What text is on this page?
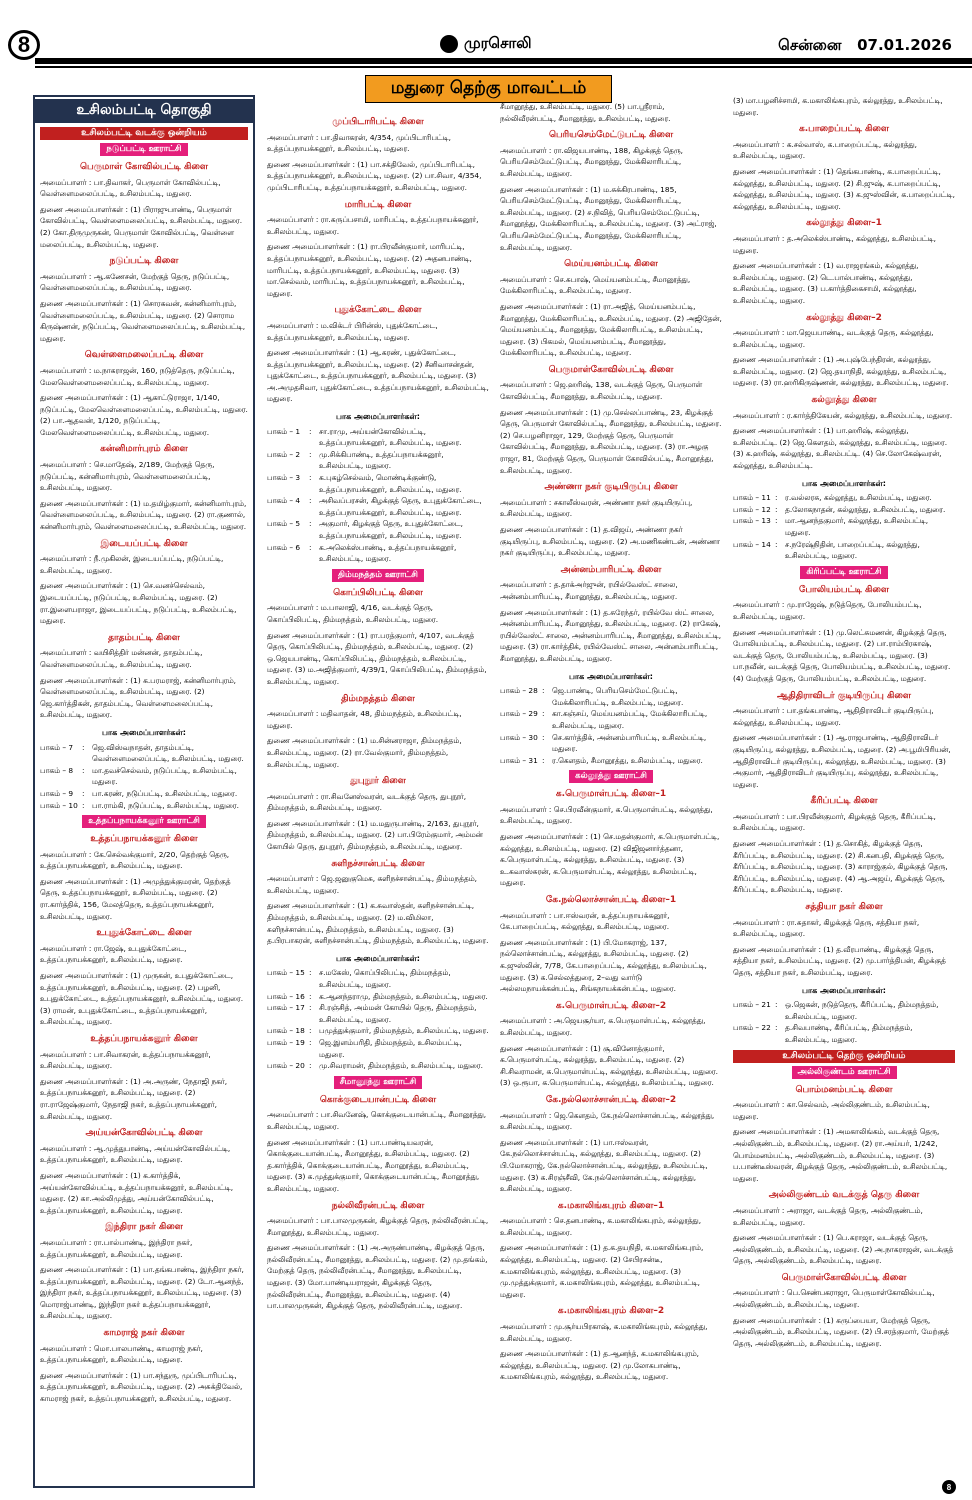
8	முரசொலி	சென்னை 07.01.2026
மதுரை தெற்கு மாவட்டம்
உசிலம்பட்டி தொகுதி
உசிலம்பட்டி வடக்கு ஒன்றியம்
நடுப்பட்டி ஊராட்சி
பெருமாள் கோவில்பட்டி கிளை

அமைப்பாளர் : பா.திவாகர், பெருமாள் கோவில்பட்டி, வெள்ளைமலைப்பட்டி, உசிலம்பட்டி, மதுரை.

துணை அமைப்பாளர்கள் : (1) பிராஜுபாண்டி, பெருமாள் கோவில்பட்டி, வெள்ளைமலைப்பட்டி, உசிலம்பட்டி, மதுரை. (2) கோ.திருமுருகன், பெருமாள் கோவில்பட்டி, வெள்ளை மலைப்பட்டி, உசிலம்பட்டி, மதுரை.

நடுப்பட்டி கிளை

அமைப்பாளர் : ஆ.கணேசன், மேற்குத் தெரு, நடுப்பட்டி, வெள்ளைமலைப்பட்டி, உசிலம்பட்டி, மதுரை.

துணை அமைப்பாளர்கள் : (1) சொரகவன், கன்னிமார்புரம், வெள்ளைமலைப்பட்டி, உசிலம்பட்டி, மதுரை. (2) சொராம கிருஷ்ணன், நடுப்பட்டி, வெள்ளைமலைப்பட்டி, உசிலம்பட்டி, மதுரை.

வெள்ளைமலைப்பட்டி கிளை

அமைப்பாளர் : ம.நாகராஜன், 160, நடுத்தெரு, நடுப்பட்டி, மேலவெள்ளைமலைப்பட்டி, உசிலம்பட்டி, மதுரை.

துணை அமைப்பாளர்கள் : (1) ஆகாட்டுராஜா, 1/140, நடுப்பட்டி, மேலவெள்ளைமலைப்பட்டி, உசிலம்பட்டி, மதுரை. (2) பா.ஆதவன், 1/120, நடுப்பட்டி, மேலவெள்ளைமலைப்பட்டி, உசிலம்பட்டி, மதுரை.

கன்னிமார்புரம் கிளை

அமைப்பாளர் : செ.மாதேஷ், 2/189, மேற்குத் தெரு, நடுப்பட்டி, கன்னிமார்புரம், வெள்ளைமலைப்பட்டி, உசிலம்பட்டி, மதுரை.

துணை அமைப்பாளர்கள் : (1) ம.தமிழ்குமார், கன்னிமார்புரம், வெள்ளைமலைப்பட்டி, உசிலம்பட்டி, மதுரை. (2) ரா.குணால், கன்னிமார்புரம், வெள்ளைமலைப்பட்டி, உசிலம்பட்டி, மதுரை.

இடையப்பட்டி கிளை

அமைப்பாளர் : நீ.முகிலன், இடையப்பட்டி, நடுப்பட்டி, உசிலம்பட்டி, மதுரை.

துணை அமைப்பாளர்கள் : (1) செ.வனச்செல்வம், இடையப்பட்டி, நடுப்பட்டி, உசிலம்பட்டி, மதுரை. (2) ரா.இளையராஜா, இடையப்பட்டி, நடுப்பட்டி, உசிலம்பட்டி, மதுரை.

தாதம்பட்டி கிளை

அமைப்பாளர் : வயிசித்திர் மன்னன், தாதம்பட்டி, வெள்ளைமலைப்பட்டி, உசிலம்பட்டி, மதுரை.

துணை அமைப்பாளர்கள் : (1) க.பரமராஜ், கன்னிமார்புரம், வெள்ளைமலைப்பட்டி, உசிலம்பட்டி, மதுரை. (2) ஜெ.கார்த்திகன், தாதம்பட்டி, வெள்ளைமலைப்பட்டி, உசிலம்பட்டி, மதுரை.

பாக அமைப்பாளர்கள்:
பாகம் – 7	:	ஜெ.விஸ்வநாதன், தாதம்பட்டி, வெள்ளைமலைப்பட்டி, உசிலம்பட்டி, மதுரை.
பாகம் – 8	:	மா.தவச்செல்வம், நடுப்பட்டி, உசிலம்பட்டி, மதுரை.
பாகம் – 9	:	பா.கரண், நடுப்பட்டி, உசிலம்பட்டி, மதுரை.
பாகம் – 10 :	பா.ராம்கி, நடுப்பட்டி, உசிலம்பட்டி, மதுரை.
உத்தப்பநாயக்கனூர் ஊராட்சி
உத்தப்பநாயக்கனூர் கிளை

அமைப்பாளர் : கே.செல்வக்குமார், 2/20, தெற்குத் தெரு, உத்தப்பநாயக்கனூர், உசிலம்பட்டி, மதுரை.

துணை அமைப்பாளர்கள் : (1) அமுத்துக்குமரன், தெற்குத் தெரு, உத்தப்பநாயக்கனூர், உசிலம்பட்டி, மதுரை. (2) ரா.கார்த்திக், 156, மேலத்தெரு, உத்தப்பநாயக்கனூர், உசிலம்பட்டி, மதுரை.

உபுதுக்கோட்டை கிளை

அமைப்பாளர் : ரா.ஜேஷ், உபுதுக்கோட்டை, உத்தப்பநாயக்கனூர், உசிலம்பட்டி, மதுரை.

துணை அமைப்பாளர்கள் : (1) முருகன், உபுதுக்கோட்டை, உத்தப்பநாயக்கனூர், உசிலம்பட்டி, மதுரை. (2) பழனி, உபுதுக்கோட்டை, உத்தப்பநாயக்கனூர், உசிலம்பட்டி, மதுரை. (3) ராமன், உபுதுக்கோட்டை, உத்தப்பநாயக்கனூர், உசிலம்பட்டி, மதுரை.

உத்தப்பநாயக்கனூர் கிளை

அமைப்பாளர் : பா.சிவாகரன், உத்தப்பநாயக்கனூர், உசிலம்பட்டி, மதுரை.

துணை அமைப்பாளர்கள் : (1) அ.அருண், நேதாஜி நகர், உத்தப்பநாயக்கனூர், உசிலம்பட்டி, மதுரை. (2) ரா.ராஜேஷ்குமார், நேதாஜி நகர், உத்தப்பநாயக்கனூர், உசிலம்பட்டி, மதுரை.

அய்யன்கோவில்பட்டி கிளை

அமைப்பாளர் : ஆ.முத்துபாண்டி, அய்யன்கோவில்பட்டி, உத்தப்பநாயக்கனூர், உசிலம்பட்டி, மதுரை.

துணை அமைப்பாளர்கள் : (1) க.கார்த்திக், அய்யன்கோவில்பட்டி, உத்தப்பநாயக்கனூர், உசிலம்பட்டி, மதுரை. (2) கா.அல்லிமுத்து, அய்யன்கோவில்பட்டி, உத்தப்பநாயக்கனூர், உசிலம்பட்டி, மதுரை.

இந்திரா நகர் கிளை

அமைப்பாளர் : ரா.பால்பாண்டி, இந்திரா நகர், உத்தப்பநாயக்கனூர், உசிலம்பட்டி, மதுரை.

துணை அமைப்பாளர்கள் : (1) பா.தங்கபாண்டி, இந்திரா நகர், உத்தப்பநாயக்கனூர், உசிலம்பட்டி, மதுரை. (2) டோ.ஆனந்த், இந்திரா நகர், உத்தப்பநாயக்கனூர், உசிலம்பட்டி, மதுரை. (3) மொராஜ்பாண்டி, இந்திரா நகர் உத்தப்பநாயக்கனூர், உசிலம்பட்டி, மதுரை.

காமராஜ் நகர் கிளை

அமைப்பாளர் : மொ.பாலபாண்டி, காமராஜ் நகர், உத்தப்பநாயக்கனூர், உசிலம்பட்டி, மதுரை.

துணை அமைப்பாளர்கள் : (1) பா.சந்துரு, முப்பிடாரிபட்டி, உத்தப்பநாயக்கனூர், உசிலம்பட்டி, மதுரை. (2) அசுக்திவேல், காமராஜ் நகர், உத்தப்பநாயக்கனூர், உசிலம்பட்டி, மதுரை.

முப்பிடாரிபட்டி கிளை

அமைப்பாளர் : பா.திவாகரன், 4/354, முப்பிடாரிபட்டி, உத்தப்பநாயக்கனூர், உசிலம்பட்டி, மதுரை.

துணை அமைப்பாளர்கள் : (1) பா.சக்திவேல், முப்பிடாரிபட்டி, உத்தப்பநாயக்கனூர், உசிலம்பட்டி, மதுரை. (2) பா.சிவா, 4/354, முப்பிடாரிபட்டி, உத்தப்பநாயக்கனூர், உசிலம்பட்டி, மதுரை.

மாரிபட்டி கிளை

அமைப்பாளர் : ரா.கருப்பசாமி, மாரிபட்டி, உத்தப்பநாயக்கனூர், உசிலம்பட்டி, மதுரை.

துணை அமைப்பாளர்கள் : (1) ரா.பிரவீன்குமார், மாரிபட்டி, உத்தப்பநாயக்கனூர், உசிலம்பட்டி, மதுரை. (2) அதனபாண்டி, மாரிபட்டி, உத்தப்பநாயக்கனூர், உசிலம்பட்டி, மதுரை. (3) மா.செல்வம், மாரிபட்டி, உத்தப்பநாயக்கனூர், உசிலம்பட்டி, மதுரை.

புதுக்கோட்டை கிளை

அமைப்பாளர் : ம.விக்டர் பிரின்ஸ், புதுக்கோட்டை, உத்தப்பநாயக்கனூர், உசிலம்பட்டி, மதுரை.

துணை அமைப்பாளர்கள் : (1) ஆ.கரண், புதுக்கோட்டை, உத்தப்பநாயக்கனூர், உசிலம்பட்டி, மதுரை. (2) சீனிவாசன்தன், புதுக்கோட்டை, உத்தப்பநாயக்கனூர், உசிலம்பட்டி, மதுரை. (3) அ.அமுதசிவா, புதுக்கோட்டை, உத்தப்பநாயக்கனூர், உசிலம்பட்டி, மதுரை.

பாக அமைப்பாளர்கள்:
பாகம் – 1	:	சா.ராமு, அய்யன்கோவில்பட்டி, உத்தப்பநாயக்கனூர், உசிலம்பட்டி, மதுரை.
பாகம் – 2	:	மு.சிக்கிபாண்டி, உத்தப்பநாயக்கனூர், உசிலம்பட்டி, மதுரை.
பாகம் – 3	:	க.புகழ்செல்வம், மொண்டிக்குண்டு, உத்தப்பநாயக்கனூர், உசிலம்பட்டி, மதுரை.
பாகம் – 4	:	அசிவப்பரசன், கிழக்குத் தெரு, உபுதுக்கோட்டை, உத்தப்பநாயக்கனூர், உசிலம்பட்டி, மதுரை.
பாகம் – 5	:	அகுமார், கிழக்குத் தெரு, உபுதுக்கோட்டை, உத்தப்பநாயக்கனூர், உசிலம்பட்டி, மதுரை.
பாகம் – 6	:	க.அலெக்ஸ்பாண்டி, உத்தப்பநாயக்கனூர், உசிலம்பட்டி, மதுரை.
திம்மநத்தம் ஊராட்சி
கொப்பிலிபட்டி கிளை

அமைப்பாளர் : ம.பாலாஜி, 4/16, வடக்குத் தெரு, கொப்பிலிபட்டி, திம்மநத்தம், உசிலம்பட்டி, மதுரை.

துணை அமைப்பாளர்கள் : (1) ரா.பரத்குமார், 4/107, வடக்குத் தெரு, கொப்பிலிபட்டி, திம்மநத்தம், உசிலம்பட்டி, மதுரை. (2) ஒ.ஜெயபாண்டி, கொப்பிலிபட்டி, திம்மநத்தம், உசிலம்பட்டி, மதுரை. (3) ம.அஜித்குமார், 4/39/1, கொப்பிலிபட்டி, திம்மநத்தம், உசிலம்பட்டி, மதுரை.

திம்மநத்தம் கிளை

அமைப்பாளர் : மதிவாதன், 48, திம்மநத்தம், உசிலம்பட்டி, மதுரை.

துணை அமைப்பாளர்கள் : (1) ம.சின்னராஜா, திம்மநத்தம், உசிலம்பட்டி, மதுரை. (2) ரா.வேல்குமார், திம்மநத்தம், உசிலம்பட்டி, மதுரை.

துபுநூர் கிளை

அமைப்பாளர் : ரா.சிவனேஸ்வரன், வடக்குத் தெரு, துபுநூர், திம்மநத்தம், உசிலம்பட்டி, மதுரை.

துணை அமைப்பாளர்கள் : (1) ம.மதுருபாண்டி, 2/163, துபுநூர், திம்மநத்தம், உசிலம்பட்டி, மதுரை. (2) பா.பிரேம்குமார், அம்மன் கோயில் தெரு, துபுநூர், திம்மநத்தம், உசிலம்பட்டி, மதுரை.

சுளிநச்சான்பட்டி கிளை

அமைப்பாளர் : ஜெ.ஜனுகுமெசு, சுளிநச்சான்பட்டி, திம்மநத்தம், உசிலம்பட்டி, மதுரை.

துணை அமைப்பாளர்கள் : (1) க.சுவாஸ்தன், சுளிநச்சான்பட்டி, திம்மநத்தம், உசிலம்பட்டி, மதுரை. (2) ம.விமிலா, சுளிநச்சான்பட்டி, திம்மநத்தம், உசிலம்பட்டி, மதுரை. (3) த.பிரபாகரன், சுளிநச்சான்பட்டி, திம்மநத்தம், உசிலம்பட்டி, மதுரை.

பாக அமைப்பாளர்கள்:
பாகம் – 15 :	ச.மகேஸ், கொப்பிலிபட்டி, திம்மநத்தம், உசிலம்பட்டி, மதுரை.
பாகம் – 16 :	க.ஆனந்தராமு, திம்மநத்தம், உசிலம்பட்டி, மதுரை.
பாகம் – 17 :	சி.ரஞ்சித், அம்மன் கோயில் தெரு, திம்மநத்தம், உசிலம்பட்டி, மதுரை.
பாகம் – 18 :	பமுத்துக்குமார், திம்மநத்தம், உசிலம்பட்டி, மதுரை.
பாகம் – 19 :	ஜெ.இளம்பரிதி, திம்மநத்தம், உசிலம்பட்டி, மதுரை.
பாகம் – 20 :	மு.சிவராமன், திம்மநத்தம், உசிலம்பட்டி, மதுரை.
சீமானூத்து ஊராட்சி
கொக்குடையான்பட்டி கிளை

அமைப்பாளர் : பா.சிவனேஷ், கொக்குடையான்பட்டி, சீமானூத்து, உசிலம்பட்டி, மதுரை.

துணை அமைப்பாளர்கள் : (1) பா.பாண்டியவரன், கொக்குடையான்பட்டி, சீமானூத்து, உசிலம்பட்டி, மதுரை. (2) த.கார்த்திக், கொக்குடையான்பட்டி, சீமானூத்து, உசிலம்பட்டி, மதுரை. (3) க.முத்துக்குமார், கொக்குடையான்பட்டி, சீமானூத்து, உசிலம்பட்டி, மதுரை.

நல்லிவீரன்பட்டி கிளை

அமைப்பாளர் : பா.பாலமுருகன், கிழக்குத் தெரு, நல்லிவீரன்பட்டி, சீமானூத்து, உசிலம்பட்டி, மதுரை.

துணை அமைப்பாளர்கள் : (1) அ.அருண்பாண்டி, கிழக்குத் தெரு, நல்லிவீரன்பட்டி, சீமானூத்து, உசிலம்பட்டி, மதுரை. (2) மு.தங்கம், மேற்குத் தெரு, நல்லிவீரன்பட்டி, சீமானூத்து, உசிலம்பட்டி, மதுரை. (3) மோ.பாண்டியராஜன், கிழக்குத் தெரு, நல்லிவீரன்பட்டி, சீமானூத்து, உசிலம்பட்டி, மதுரை. (4) பா.பாலமுருகன், கிழக்குத் தெரு, நல்லிவீரன்பட்டி, மதுரை.

சீமானூத்து, உசிலம்பட்டி, மதுரை. (5) பா.ஸ்ரீராம், நல்லிவீரன்பட்டி, சீமானூத்து, உசிலம்பட்டி, மதுரை.

பெரியசெம்மேட்டுபட்டி கிளை

அமைப்பாளர் : ரா.விஜயபாண்டி, 188, கிழக்குத் தெரு, பெரியசெம்மேட்டுபட்டி, சீமானூத்து, மேக்கிலாரிபட்டி, உசிலம்பட்டி, மதுரை.

துணை அமைப்பாளர்கள் : (1) ம.சுக்கிரபாண்டி, 185, பெரியசெம்மேட்டுபட்டி, சீமானூத்து, மேக்கிலாரிபட்டி, உசிலம்பட்டி, மதுரை. (2) ச.நிவித், பெரியசெம்மேட்டுபட்டி, சீமானூத்து, மேக்கிலாரிபட்டி, உசிலம்பட்டி, மதுரை. (3) அட்ராஜ், பெரியசெம்மேட்டுபட்டி, சீமானூத்து, மேக்கிலாரிபட்டி, உசிலம்பட்டி, மதுரை.

மெய்யனம்பட்டி கிளை

அமைப்பாளர் : செ.சுபாஷ், மெய்யனம்பட்டி, சீமானூத்து, மேக்கிலாரிபட்டி, உசிலம்பட்டி, மதுரை.

துணை அமைப்பாளர்கள் : (1) ரா.அஜித், மெய்யனம்பட்டி, சீமானூத்து, மேக்கிலாரிபட்டி, உசிலம்பட்டி, மதுரை. (2) அஜிதேன், மெய்யனம்பட்டி, சீமானூத்து, மேக்கிலாரிபட்டி, உசிலம்பட்டி, மதுரை. (3) பிகமல், மெய்யனம்பட்டி, சீமானூத்து, மேக்கிலாரிபட்டி, உசிலம்பட்டி, மதுரை.

பெருமாள்கோவில்பட்டி கிளை

அமைப்பாளர் : ஜெ.ஹரிஷ், 138, வடக்குத் தெரு, பெருமாள் கோவில்பட்டி, சீமானூத்து, உசிலம்பட்டி, மதுரை.

துணை அமைப்பாளர்கள் : (1) மு.செல்லப்பாண்டி, 23, கிழக்குத் தெரு, பெருமாள் கோவில்பட்டி, சீமானூத்து, உசிலம்பட்டி, மதுரை. (2) செ.பழனிராஜா, 129, மேற்குத் தெரு, பெருமாள் கோவில்பட்டி, சீமானூத்து, உசிலம்பட்டி, மதுரை. (3) ரா.அழகு ராஜா, 81, மேற்குத் தெரு, பெருமாள் கோவில்பட்டி, சீமானூத்து, உசிலம்பட்டி, மதுரை.

அண்ணா நகர் குடியிருப்பு கிளை

அமைப்பாளர் : சகாலீஸ்வரன், அண்ணா நகர் குடியிருப்பு, உசிலம்பட்டி, மதுரை.

துணை அமைப்பாளர்கள் : (1) த.விஜய், அண்ணா நகர் குடியிருப்பு, உசிலம்பட்டி, மதுரை. (2) அ.மணிகண்டன், அண்ணா நகர் குடியிருப்பு, உசிலம்பட்டி, மதுரை.

அன்னம்பாரிபட்டி கிளை

அமைப்பாளர் : த.தாக்அர்ஜுன், ரயில்வேஸ்ட் சாலை, அன்னம்பாரிபட்டி, சீமானூத்து, உசிலம்பட்டி, மதுரை.

துணை அமைப்பாளர்கள் : (1) த.சுரேந்தர், ரயில்வே ஸ்ட் சாலை, அன்னம்பாரிபட்டி, சீமானூத்து, உசிலம்பட்டி, மதுரை. (2) ராகேஷ், ரயில்வேஸ்ட் சாலை, அன்னம்பாரிபட்டி, சீமானூத்து, உசிலம்பட்டி, மதுரை. (3) ரா.கார்த்திக், ரயில்வேஸ்ட் சாலை, அன்னம்பாரிபட்டி, சீமானூத்து, உசிலம்பட்டி, மதுரை.

பாக அமைப்பாளர்கள்:
பாகம் – 28 :	ஜெ.பாண்டி, பெரியசெம்மேட்டுபட்டி, மேக்கிலாரிபட்டி, உசிலம்பட்டி, மதுரை.
பாகம் – 29 :	கா.சுஞ்சய், மெய்யனம்பட்டி, மேக்கிலாரிபட்டி, உசிலம்பட்டி, மதுரை.
பாகம் – 30 :	செ.கார்த்திக், அன்னம்பாரிபட்டி, உசிலம்பட்டி, மதுரை.
பாகம் – 31 :	ர.கௌதம், சீமானூத்து, உசிலம்பட்டி, மதுரை.
கல்லூத்து ஊராட்சி
க.பெருமாள்பட்டி கிளை–1

அமைப்பாளர் : செ.பிரவீன்குமார், க.பெருமாள்பட்டி, கல்லூத்து, உசிலம்பட்டி, மதுரை.

துணை அமைப்பாளர்கள் : (1) செ.மதன்குமார், க.பெருமாள்பட்டி, கல்லூத்து, உசிலம்பட்டி, மதுரை. (2) விஜிஜனார்த்தனா, க.பெருமாள்பட்டி, கல்லூத்து, உசிலம்பட்டி, மதுரை. (3) உ.கவாஸ்சுரன், க.பெருமாள்பட்டி, கல்லூத்து, உசிலம்பட்டி, மதுரை.

கே.நல்லொச்சான்பட்டி கிளை–1

அமைப்பாளர் : பா.ஈஸ்வரன், உத்தப்பநாயக்கனூர், கே.பாறைப்பட்டி, கல்லூத்து, உசிலம்பட்டி, மதுரை.

துணை அமைப்பாளர்கள் : (1) பி.மோகராஜ், 137, நல்லொச்சான்பட்டி, கல்லூத்து, உசிலம்பட்டி, மதுரை. (2) க.ஜுஸ்லின், 7/78, கே.பாறைப்பட்டி, கல்லூத்து, உசிலம்பட்டி, மதுரை. (3) க.செல்லத்துரை, 2–வது வார்டு அல்லமநாயக்கன்பட்டி, சிங்கநாயக்கன்பட்டி, மதுரை.

க.பெருமாள்பட்டி கிளை–2

அமைப்பாளர் : அ.ஜெயசூர்யா, க.பெருமாள்பட்டி, கல்லூத்து, உசிலம்பட்டி, மதுரை.

துணை அமைப்பாளர்கள் : (1) சூ.வினோத்குமார், க.பெருமாள்பட்டி, கல்லூத்து, உசிலம்பட்டி, மதுரை. (2) சி.சிவராமன், க.பெருமாள்பட்டி, கல்லூத்து, உசிலம்பட்டி, மதுரை. (3) ஒ.ரூபா, க.பெருமாள்பட்டி, கல்லூத்து, உசிலம்பட்டி, மதுரை.

கே.நல்லொச்சான்பட்டி கிளை–2

அமைப்பாளர் : ஜெ.கௌதம், கே.நல்லொச்சான்பட்டி, கல்லூத்து, உசிலம்பட்டி, மதுரை.

துணை அமைப்பாளர்கள் : (1) பா.ஈஸ்வரன், கே.நல்லொச்சான்பட்டி, கல்லூத்து, உசிலம்பட்டி, மதுரை. (2) பி.மோகராஜ், கே.நல்லொச்சான்பட்டி, கல்லூத்து, உசிலம்பட்டி, மதுரை. (3) க.சிரஞ்சீவி, கே.நல்லொச்சான்பட்டி, கல்லூத்து, உசிலம்பட்டி, மதுரை.

க.மகாலிங்கபுரம் கிளை–1

அமைப்பாளர் : செ.தனபாண்டி, க.மகாலிங்கபுரம், கல்லூத்து, உசிலம்பட்டி, மதுரை.

துணை அமைப்பாளர்கள் : (1) த.க.தயநிதி, க.மகாலிங்கபுரம், கல்லூத்து, உசிலம்பட்டி, மதுரை. (2) சேபிரசன்டீ, க.மகாலிங்கபுரம், கல்லூத்து, உசிலம்பட்டி, மதுரை. (3) மு.முத்துக்குமார், க.மகாலிங்கபுரம், கல்லூத்து, உசிலம்பட்டி, மதுரை.

க.மகாலிங்கபுரம் கிளை–2

அமைப்பாளர் : மு.சூர்யபிரகாஷ், க.மகாலிங்கபுரம், கல்லூத்து, உசிலம்பட்டி, மதுரை.

துணை அமைப்பாளர்கள் : (1) த.ஆனந்த், க.மகாலிங்கபுரம், கல்லூத்து, உசிலம்பட்டி, மதுரை. (2) மு.லோகபாண்டி, க.மகாலிங்கபுரம், கல்லூத்து, உசிலம்பட்டி, மதுரை.

(3) மா.பழனிச்சாமி, க.மகாலிங்கபுரம், கல்லூத்து, உசிலம்பட்டி, மதுரை.

க.பாறைப்பட்டி கிளை

அமைப்பாளர் : க.சல்வாஸ், க.பாறைப்பட்டி, கல்லூத்து, உசிலம்பட்டி, மதுரை.

துணை அமைப்பாளர்கள் : (1) தெங்கபாண்டி, க.பாறைப்பட்டி, கல்லூத்து, உசிலம்பட்டி, மதுரை. (2) சி.ஜுஷ், க.பாறைப்பட்டி, கல்லூத்து, உசிலம்பட்டி, மதுரை. (3) க.ஜுஸ்வின், க.பாறைப்பட்டி, கல்லூத்து, உசிலம்பட்டி, மதுரை.

கல்லூத்து கிளை–1

அமைப்பாளர் : த.அலெக்ஸ்பாண்டி, கல்லூத்து, உசிலம்பட்டி, மதுரை.

துணை அமைப்பாளர்கள் : (1) வ.ராஜரங்கம், கல்லூத்து, உசிலம்பட்டி, மதுரை. (2) டெ.பால்பாண்டி, கல்லூத்து, உசிலம்பட்டி, மதுரை. (3) ப.கார்த்திகைசாமி, கல்லூத்து, உசிலம்பட்டி, மதுரை.

கல்லூத்து கிளை–2

அமைப்பாளர் : மா.ஜெயபாண்டி, வடக்குத் தெரு, கல்லூத்து, உசிலம்பட்டி, மதுரை.

துணை அமைப்பாளர்கள் : (1) அ.புஷ்பேந்திரன், கல்லூத்து, உசிலம்பட்டி, மதுரை. (2) ஜெ.தயாநிதி, கல்லூத்து, உசிலம்பட்டி, மதுரை. (3) ரா.ஹரிகிருஷ்ணன், கல்லூத்து, உசிலம்பட்டி, மதுரை.

கல்லூத்து கிளை

அமைப்பாளர் : ர.கார்த்திகேயன், கல்லூத்து, உசிலம்பட்டி, மதுரை.

துணை அமைப்பாளர்கள் : (1) பா.ஹரிஷ், கல்லூத்து, உசிலம்பட்டி. (2) ஜெ.கௌதம், கல்லூத்து, உசிலம்பட்டி, மதுரை. (3) க.ஹரிஷ், கல்லூத்து, உசிலம்பட்டி. (4) செ.லோகேஷ்வரன், கல்லூத்து, உசிலம்பட்டி.

பாக அமைப்பாளர்கள்:
பாகம் – 11 :	ர.வல்லரசு, கல்லூத்து, உசிலம்பட்டி, மதுரை.
பாகம் – 12 :	த.லோகநாதன், கல்லூத்து, உசிலம்பட்டி, மதுரை.
பாகம் – 13 :	மா.ஆனந்தகுமார், கல்லூத்து, உசிலம்பட்டி, மதுரை.
பாகம் – 14 :	ச.நரேஷ்நிதின், பாறைப்பட்டி, கல்லூத்து, உசிலம்பட்டி, மதுரை.
கிரிப்பட்டி ஊராட்சி
போலியம்பட்டி கிளை

அமைப்பாளர் : மு.ராஜேஷ், நடுத்தெரு, போலியம்பட்டி, உசிலம்பட்டி, மதுரை.

துணை அமைப்பாளர்கள் : (1) மு.லெட்சுமணன், கிழக்குத் தெரு, போலியம்பட்டி, உசிலம்பட்டி, மதுரை. (2) பா.ராம்பிரகாஷ், வடக்குத் தெரு, போலியம்பட்டி, உசிலம்பட்டி, மதுரை. (3) பா.நவீன், வடக்குத் தெரு, போலியம்பட்டி, உசிலம்பட்டி, மதுரை. (4) மேற்குத் தெரு, போலியம்பட்டி, உசிலம்பட்டி, மதுரை.

ஆதிதிராவிடர் குடியிருப்பு கிளை

அமைப்பாளர் : பா.தங்கபாண்டி, ஆதிதிராவிடர் குடியிருப்பு, கல்லூத்து, உசிலம்பட்டி, மதுரை.

துணை அமைப்பாளர்கள் : (1) ஆ.ராஜபாண்டி, ஆதிதிராவிடர் குடியிருப்பு, கல்லூத்து, உசிலம்பட்டி, மதுரை. (2) அ.பூமிபிரியன், ஆதிதிராவிடர் குடியிருப்பு, கல்லூத்து, உசிலம்பட்டி, மதுரை. (3) அகுமார், ஆதிதிராவிடர் குடியிருப்பு, கல்லூத்து, உசிலம்பட்டி, மதுரை.

கீரிப்பட்டி கிளை

அமைப்பாளர் : பா.பிரவீன்குமார், கிழக்குத் தெரு, கீரிப்பட்டி, உசிலம்பட்டி, மதுரை.

துணை அமைப்பாளர்கள் : (1) த.சொகித், கிழக்குத் தெரு, கீரிப்பட்டி, உசிலம்பட்டி, மதுரை. (2) சி.கனபதி, கிழக்குத் தெரு, கீரிப்பட்டி, உசிலம்பட்டி, மதுரை. (3) காராஜ்குல், கிழக்குத் தெரு, கீரிப்பட்டி, உசிலம்பட்டி, மதுரை. (4) ஆ.அஜய், கிழக்குத் தெரு, கீரிப்பட்டி, உசிலம்பட்டி, மதுரை.

சத்தியா நகர் கிளை

அமைப்பாளர் : ரா.சுதாகர், கிழக்குத் தெரு, சத்தியா நகர், உசிலம்பட்டி, மதுரை.

துணை அமைப்பாளர்கள் : (1) த.வீரபாண்டி, கிழக்குத் தெரு, சத்தியா நகர், உசிலம்பட்டி, மதுரை. (2) மு.பார்த்திபன், கிழக்குத் தெரு, சத்தியா நகர், உசிலம்பட்டி, மதுரை.

பாக அமைப்பாளர்கள்:
பாகம் – 21 :	ஒ.ஜெகன், நடுத்தெரு, கீரிப்பட்டி, திம்மநத்தம், உசிலம்பட்டி, மதுரை.
பாகம் – 22 :	த.சிவபாண்டி, கீரிப்பட்டி, திம்மநத்தம், உசிலம்பட்டி, மதுரை.
உசிலம்பட்டி தெற்கு ஒன்றியம்
அல்லிகுண்டம் ஊராட்சி
பொம்மனம்பட்டி கிளை

அமைப்பாளர் : கா.செல்வம், அல்லிகுண்டம், உசிலம்பட்டி, மதுரை.

துணை அமைப்பாளர்கள் : (1) அமகாலிங்கம், வடக்குத் தெரு, அல்லிகுண்டம், உசிலம்பட்டி, மதுரை. (2) ரா.அய்யர், 1/242, பொம்மனம்பட்டி, அல்லிகுண்டம், உசிலம்பட்டி, மதுரை. (3) ப.பாண்டீஸ்வரன், கிழக்குத் தெரு, அல்லிகுண்டம், உசிலம்பட்டி, மதுரை.

அல்லிகுண்டம் வடக்குத் தெரு கிளை

அமைப்பாளர் : அராஜா, வடக்குத் தெரு, அல்லிகுண்டம், உசிலம்பட்டி, மதுரை.

துணை அமைப்பாளர்கள் : (1) பெ.கராஜா, வடக்குத் தெரு, அல்லிகுண்டம், உசிலம்பட்டி, மதுரை. (2) அ.நாகராஜன், வடக்குத் தெரு, அல்லிகுண்டம், உசிலம்பட்டி, மதுரை.

பெருமாள்கோவில்பட்டி கிளை

அமைப்பாளர் : பெ.செண்பகராஜா, பெருமாள்கோவில்பட்டி, அல்லிகுண்டம், உசிலம்பட்டி, மதுரை.

துணை அமைப்பாளர்கள் : (1) கருப்பையா, மேற்குத் தெரு, அல்லிகுண்டம், உசிலம்பட்டி, மதுரை. (2) பி.சரத்குமார், மேற்குத் தெரு, அல்லிகுண்டம், உசிலம்பட்டி, மதுரை.

8
